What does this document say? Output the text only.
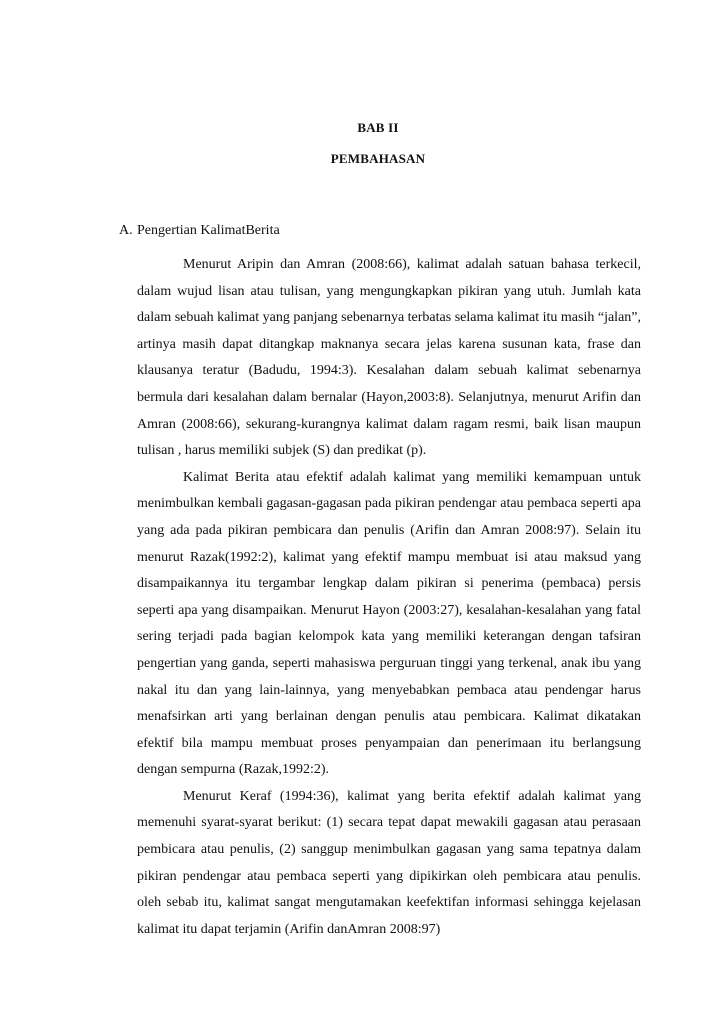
BAB II
PEMBAHASAN
A. Pengertian KalimatBerita

Menurut Aripin dan Amran (2008:66), kalimat adalah satuan bahasa terkecil, dalam wujud lisan atau tulisan, yang mengungkapkan pikiran yang utuh. Jumlah kata dalam sebuah kalimat yang panjang sebenarnya terbatas selama kalimat itu masih “jalan”, artinya masih dapat ditangkap maknanya secara jelas karena susunan kata, frase dan klausanya teratur (Badudu, 1994:3). Kesalahan dalam sebuah kalimat sebenarnya bermula dari kesalahan dalam bernalar (Hayon,2003:8). Selanjutnya, menurut Arifin dan Amran (2008:66), sekurang-kurangnya kalimat dalam ragam resmi, baik lisan maupun tulisan , harus memiliki subjek (S) dan predikat (p).

Kalimat Berita atau efektif adalah kalimat yang memiliki kemampuan untuk menimbulkan kembali gagasan-gagasan pada pikiran pendengar atau pembaca seperti apa yang ada pada pikiran pembicara dan penulis (Arifin dan Amran 2008:97). Selain itu menurut Razak(1992:2), kalimat yang efektif mampu membuat isi atau maksud yang disampaikannya itu tergambar lengkap dalam pikiran si penerima (pembaca) persis seperti apa yang disampaikan. Menurut Hayon (2003:27), kesalahan-kesalahan yang fatal sering terjadi pada bagian kelompok kata yang memiliki keterangan dengan tafsiran pengertian yang ganda, seperti mahasiswa perguruan tinggi yang terkenal, anak ibu yang nakal itu dan yang lain-lainnya, yang menyebabkan pembaca atau pendengar harus menafsirkan arti yang berlainan dengan penulis atau pembicara. Kalimat dikatakan efektif bila mampu membuat proses penyampaian dan penerimaan itu berlangsung dengan sempurna (Razak,1992:2).

Menurut Keraf (1994:36), kalimat yang berita efektif adalah kalimat yang memenuhi syarat-syarat berikut: (1) secara tepat dapat mewakili gagasan atau perasaan pembicara atau penulis, (2) sanggup menimbulkan gagasan yang sama tepatnya dalam pikiran pendengar atau pembaca seperti yang dipikirkan oleh pembicara atau penulis. oleh sebab itu, kalimat sangat mengutamakan keefektifan informasi sehingga kejelasan kalimat itu dapat terjamin (Arifin danAmran 2008:97)
